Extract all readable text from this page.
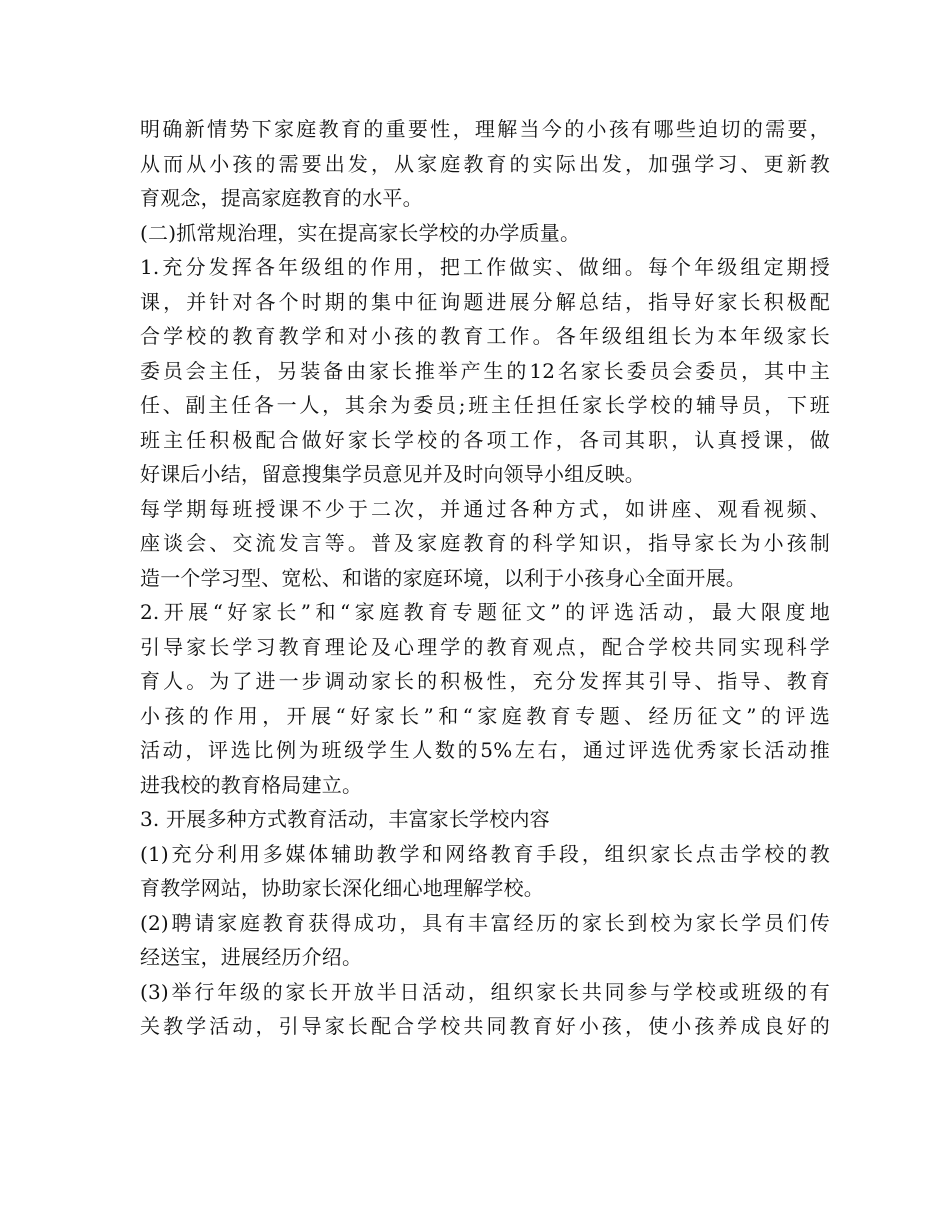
明确新情势下家庭教育的重要性，理解当今的小孩有哪些迫切的需要，
从而从小孩的需要出发，从家庭教育的实际出发，加强学习、更新教
育观念，提高家庭教育的水平。
(二)抓常规治理，实在提高家长学校的办学质量。
1.充分发挥各年级组的作用，把工作做实、做细。每个年级组定期授
课，并针对各个时期的集中征询题进展分解总结，指导好家长积极配
合学校的教育教学和对小孩的教育工作。各年级组组长为本年级家长
委员会主任，另装备由家长推举产生的12名家长委员会委员，其中主
任、副主任各一人，其余为委员;班主任担任家长学校的辅导员，下班
班主任积极配合做好家长学校的各项工作，各司其职，认真授课，做
好课后小结，留意搜集学员意见并及时向领导小组反映。
每学期每班授课不少于二次，并通过各种方式，如讲座、观看视频、
座谈会、交流发言等。普及家庭教育的科学知识，指导家长为小孩制
造一个学习型、宽松、和谐的家庭环境，以利于小孩身心全面开展。
2.开展“好家长”和“家庭教育专题征文”的评选活动，最大限度地
引导家长学习教育理论及心理学的教育观点，配合学校共同实现科学
育人。为了进一步调动家长的积极性，充分发挥其引导、指导、教育
小孩的作用，开展“好家长”和“家庭教育专题、经历征文”的评选
活动，评选比例为班级学生人数的5%左右，通过评选优秀家长活动推
进我校的教育格局建立。
3. 开展多种方式教育活动，丰富家长学校内容
(1)充分利用多媒体辅助教学和网络教育手段，组织家长点击学校的教
育教学网站，协助家长深化细心地理解学校。
(2)聘请家庭教育获得成功，具有丰富经历的家长到校为家长学员们传
经送宝，进展经历介绍。
(3)举行年级的家长开放半日活动，组织家长共同参与学校或班级的有
关教学活动，引导家长配合学校共同教育好小孩，使小孩养成良好的
